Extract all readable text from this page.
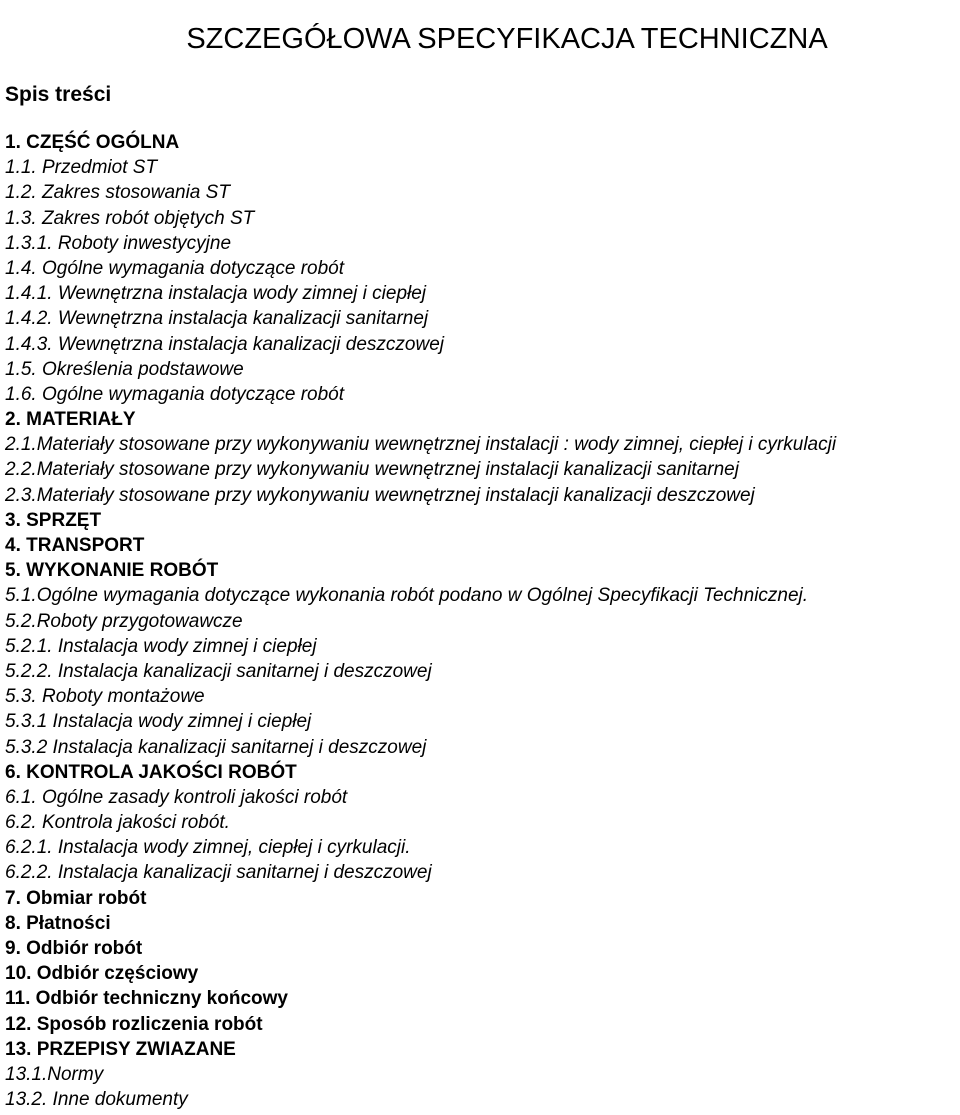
SZCZEGÓŁOWA SPECYFIKACJA TECHNICZNA
Spis treści
1. CZĘŚĆ OGÓLNA
1.1. Przedmiot ST
1.2. Zakres stosowania ST
1.3. Zakres robót objętych ST
1.3.1. Roboty inwestycyjne
1.4. Ogólne wymagania dotyczące robót
1.4.1. Wewnętrzna instalacja wody zimnej i ciepłej
1.4.2. Wewnętrzna instalacja kanalizacji sanitarnej
1.4.3. Wewnętrzna instalacja kanalizacji deszczowej
1.5. Określenia podstawowe
1.6. Ogólne wymagania dotyczące robót
2. MATERIAŁY
2.1.Materiały stosowane przy wykonywaniu wewnętrznej instalacji : wody zimnej, ciepłej i cyrkulacji
2.2.Materiały stosowane przy wykonywaniu wewnętrznej instalacji kanalizacji sanitarnej
2.3.Materiały stosowane przy wykonywaniu wewnętrznej instalacji kanalizacji deszczowej
3. SPRZĘT
4. TRANSPORT
5. WYKONANIE ROBÓT
5.1.Ogólne wymagania dotyczące wykonania robót podano w Ogólnej Specyfikacji Technicznej.
5.2.Roboty przygotowawcze
5.2.1. Instalacja wody zimnej i ciepłej
5.2.2. Instalacja kanalizacji sanitarnej i deszczowej
5.3. Roboty montażowe
5.3.1 Instalacja wody zimnej i ciepłej
5.3.2 Instalacja kanalizacji sanitarnej i deszczowej
6. KONTROLA JAKOŚCI ROBÓT
6.1. Ogólne zasady kontroli jakości robót
6.2. Kontrola jakości robót.
6.2.1. Instalacja wody zimnej, ciepłej i cyrkulacji.
6.2.2. Instalacja kanalizacji sanitarnej i deszczowej
7. Obmiar robót
8. Płatności
9. Odbiór robót
10. Odbiór częściowy
11. Odbiór techniczny końcowy
12. Sposób rozliczenia robót
13. PRZEPISY ZWIAZANE
13.1.Normy
13.2. Inne dokumenty
